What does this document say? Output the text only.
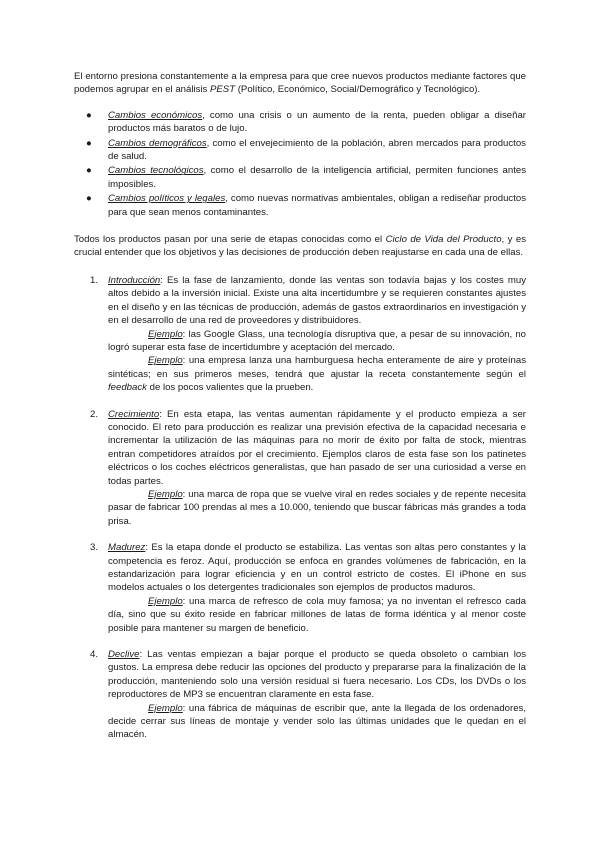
El entorno presiona constantemente a la empresa para que cree nuevos productos mediante factores que podemos agrupar en el análisis PEST (Político, Económico, Social/Demográfico y Tecnológico).

● Cambios económicos, como una crisis o un aumento de la renta, pueden obligar a diseñar productos más baratos o de lujo.
● Cambios demográficos, como el envejecimiento de la población, abren mercados para productos de salud.
● Cambios tecnológicos, como el desarrollo de la inteligencia artificial, permiten funciones antes imposibles.
● Cambios políticos y legales, como nuevas normativas ambientales, obligan a rediseñar productos para que sean menos contaminantes.

Todos los productos pasan por una serie de etapas conocidas como el Ciclo de Vida del Producto, y es crucial entender que los objetivos y las decisiones de producción deben reajustarse en cada una de ellas.

1. Introducción: Es la fase de lanzamiento, donde las ventas son todavía bajas y los costes muy altos debido a la inversión inicial. Existe una alta incertidumbre y se requieren constantes ajustes en el diseño y en las técnicas de producción, además de gastos extraordinarios en investigación y en el desarrollo de una red de proveedores y distribuidores.

Ejemplo: las Google Glass, una tecnología disruptiva que, a pesar de su innovación, no logró superar esta fase de incertidumbre y aceptación del mercado.

Ejemplo: una empresa lanza una hamburguesa hecha enteramente de aire y proteínas sintéticas; en sus primeros meses, tendrá que ajustar la receta constantemente según el feedback de los pocos valientes que la prueben.

2. Crecimiento: En esta etapa, las ventas aumentan rápidamente y el producto empieza a ser conocido. El reto para producción es realizar una previsión efectiva de la capacidad necesaria e incrementar la utilización de las máquinas para no morir de éxito por falta de stock, mientras entran competidores atraídos por el crecimiento. Ejemplos claros de esta fase son los patinetes eléctricos o los coches eléctricos generalistas, que han pasado de ser una curiosidad a verse en todas partes.

Ejemplo: una marca de ropa que se vuelve viral en redes sociales y de repente necesita pasar de fabricar 100 prendas al mes a 10.000, teniendo que buscar fábricas más grandes a toda prisa.

3. Madurez: Es la etapa donde el producto se estabiliza. Las ventas son altas pero constantes y la competencia es feroz. Aquí, producción se enfoca en grandes volúmenes de fabricación, en la estandarización para lograr eficiencia y en un control estricto de costes. El iPhone en sus modelos actuales o los detergentes tradicionales son ejemplos de productos maduros.

Ejemplo: una marca de refresco de cola muy famosa; ya no inventan el refresco cada día, sino que su éxito reside en fabricar millones de latas de forma idéntica y al menor coste posible para mantener su margen de beneficio.

4. Declive: Las ventas empiezan a bajar porque el producto se queda obsoleto o cambian los gustos. La empresa debe reducir las opciones del producto y prepararse para la finalización de la producción, manteniendo solo una versión residual si fuera necesario. Los CDs, los DVDs o los reproductores de MP3 se encuentran claramente en esta fase.

Ejemplo: una fábrica de máquinas de escribir que, ante la llegada de los ordenadores, decide cerrar sus líneas de montaje y vender solo las últimas unidades que le quedan en el almacén.
